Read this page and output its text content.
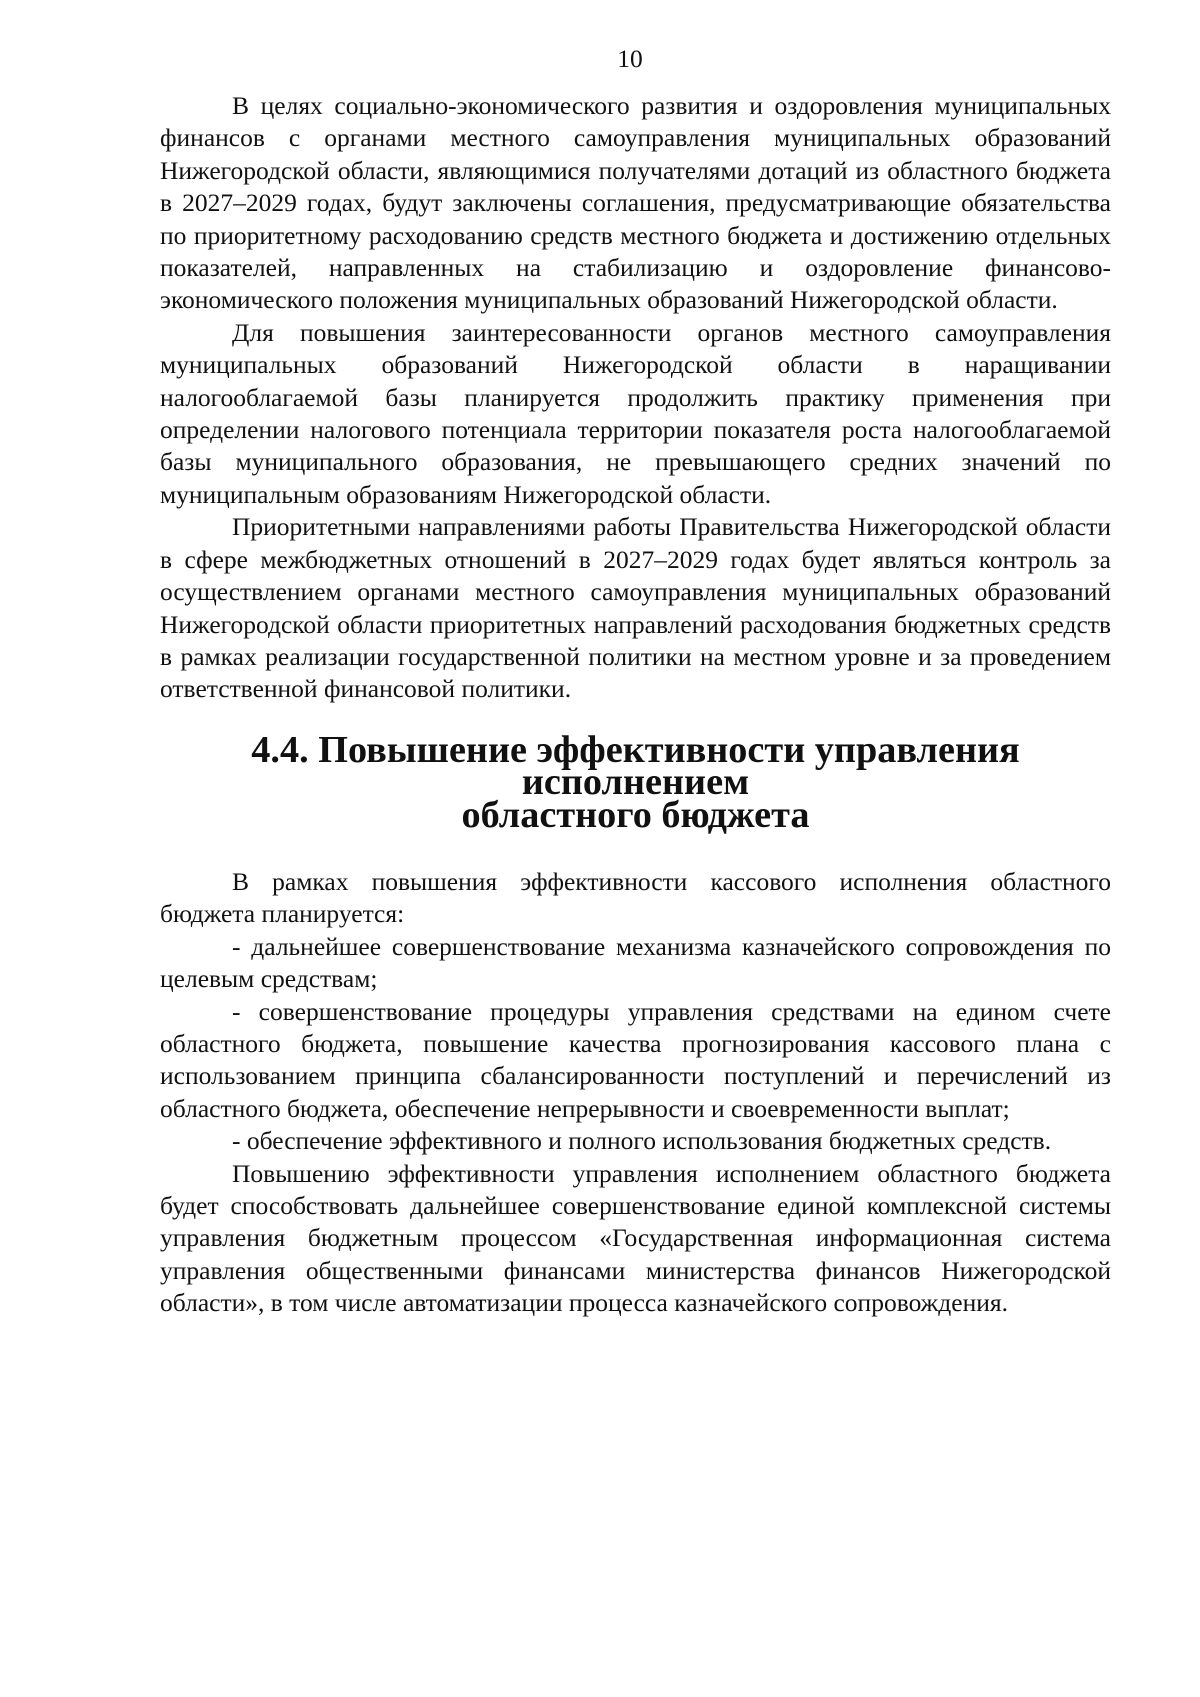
10

В целях социально-экономического развития и оздоровления муниципальных финансов с органами местного самоуправления муниципальных образований Нижегородской области, являющимися получателями дотаций из областного бюджета в 2027–2029 годах, будут заключены соглашения, предусматривающие обязательства по приоритетному расходованию средств местного бюджета и достижению отдельных показателей, направленных на стабилизацию и оздоровление финансово-экономического положения муниципальных образований Нижегородской области.

Для повышения заинтересованности органов местного самоуправления муниципальных образований Нижегородской области в наращивании налогооблагаемой базы планируется продолжить практику применения при определении налогового потенциала территории показателя роста налогооблагаемой базы муниципального образования, не превышающего средних значений по муниципальным образованиям Нижегородской области.

Приоритетными направлениями работы Правительства Нижегородской области в сфере межбюджетных отношений в 2027–2029 годах будет являться контроль за осуществлением органами местного самоуправления муниципальных образований Нижегородской области приоритетных направлений расходования бюджетных средств в рамках реализации государственной политики на местном уровне и за проведением ответственной финансовой политики.

4.4. Повышение эффективности управления исполнением
областного бюджета

В рамках повышения эффективности кассового исполнения областного бюджета планируется:

- дальнейшее совершенствование механизма казначейского сопровождения по целевым средствам;

- совершенствование процедуры управления средствами на едином счете областного бюджета, повышение качества прогнозирования кассового плана с использованием принципа сбалансированности поступлений и перечислений из областного бюджета, обеспечение непрерывности и своевременности выплат;

- обеспечение эффективного и полного использования бюджетных средств.

Повышению эффективности управления исполнением областного бюджета будет способствовать дальнейшее совершенствование единой комплексной системы управления бюджетным процессом «Государственная информационная система управления общественными финансами министерства финансов Нижегородской области», в том числе автоматизации процесса казначейского сопровождения.
